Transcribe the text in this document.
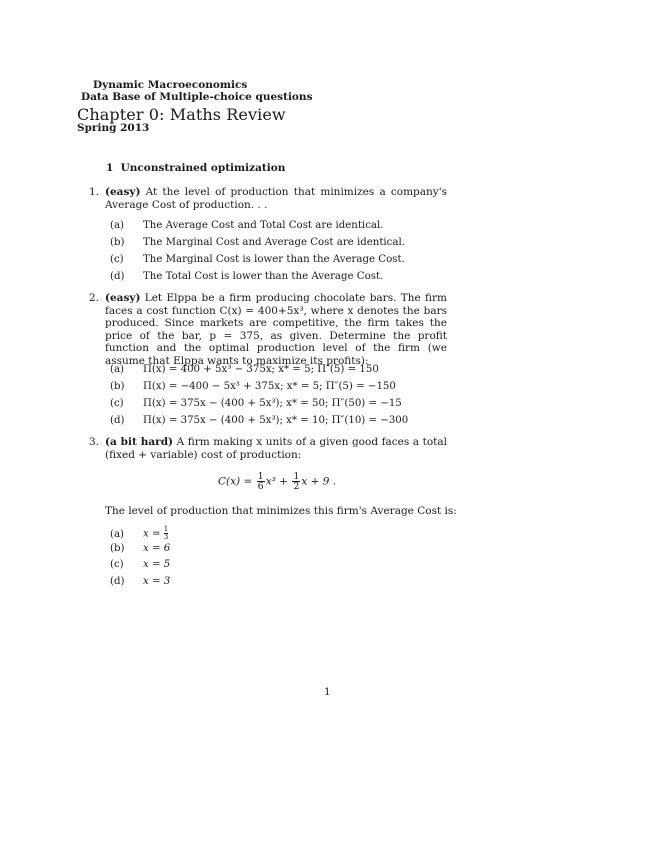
Dynamic Macroeconomics
Data Base of Multiple-choice questions
Chapter 0: Maths Review
Spring 2013
1 Unconstrained optimization
1. (easy) At the level of production that minimizes a company's Average Cost of production. . .
(a) The Average Cost and Total Cost are identical.
(b) The Marginal Cost and Average Cost are identical.
(c) The Marginal Cost is lower than the Average Cost.
(d) The Total Cost is lower than the Average Cost.
2. (easy) Let Elppa be a firm producing chocolate bars. The firm faces a cost function C(x) = 400+5x³, where x denotes the bars produced. Since markets are competitive, the firm takes the price of the bar, p = 375, as given. Determine the profit function and the optimal production level of the firm (we assume that Elppa wants to maximize its profits):
(a) Π(x) = 400 + 5x³ − 375x; x* = 5; Π″(5) = 150
(b) Π(x) = −400 − 5x³ + 375x; x* = 5; Π″(5) = −150
(c) Π(x) = 375x − (400 + 5x³); x* = 50; Π″(50) = −15
(d) Π(x) = 375x − (400 + 5x³); x* = 10; Π″(10) = −300
3. (a bit hard) A firm making x units of a given good faces a total (fixed + variable) cost of production:
$C(x) = \frac{1}{6} x^3 + \frac{1}{2}$ x + 9 .
The level of production that minimizes this firm's Average Cost is:
(a) $x = \frac{1}{3}$
(b) x = 6
(c) x = 5
(d) x = 3
1
